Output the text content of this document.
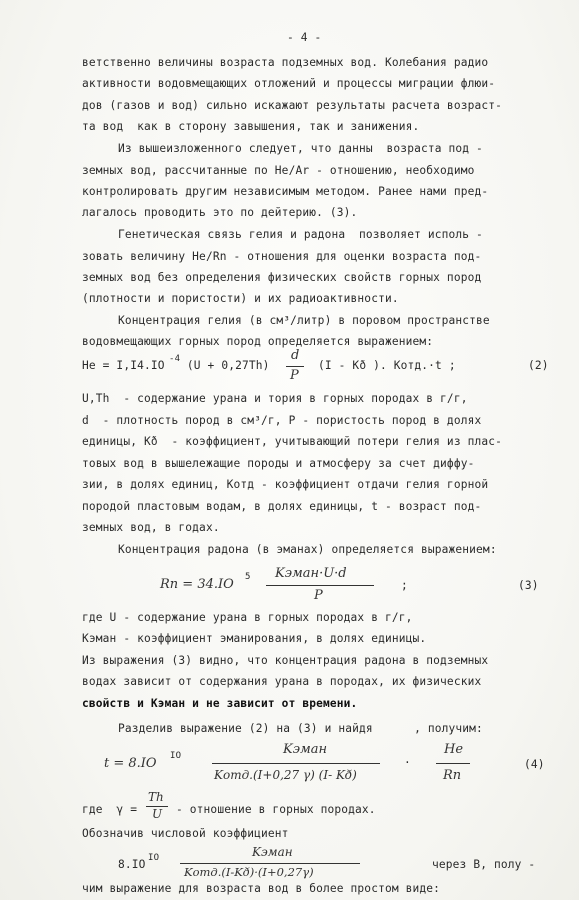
- 4 -
ветственно величины возраста подземных вод. Колебания радио
активности водовмещающих отложений и процессы миграции флюи-
дов (газов и вод) сильно искажают результаты расчета возраст-
та вод  как в сторону завышения, так и занижения.
Из вышеизложенного следует, что данны  возраста под -
земных вод, рассчитанные по He/Ar - отношению, необходимо
контролировать другим независимым методом. Ранее нами пред-
лагалось проводить это по дейтерию. (3).
Генетическая связь гелия и радона  позволяет исполь -
зовать величину He/Rn - отношения для оценки возраста под-
земных вод без определения физических свойств горных пород
(плотности и пористости) и их радиоактивности.
Концентрация гелия (в см³/литр) в поровом пространстве
водовмещающих горных пород определяется выражением:
He = I,I4.IO -4 (U + 0,27Th)
d
P
(I - Kð ). Kотд.·t ;	(2)
U,Th  - содержание урана и тория в горных породах в г/г,
d  - плотность пород в см³/г, P - пористость пород в долях
единицы, Kð  - коэффициент, учитывающий потери гелия из плас-
товых вод в вышележащие породы и атмосферу за счет диффу-
зии, в долях единиц, Kотд - коэффициент отдачи гелия горной
породой пластовым водам, в долях единицы, t - возраст под-
земных вод, в годах.
Концентрация радона (в эманах) определяется выражением:
Rn = 34.IO 5 Kэман·U·d
P
;	(3)
где U - содержание урана в горных породах в г/г,
Kэман - коэффициент эманирования, в долях единицы.
Из выражения (3) видно, что концентрация радона в подземных
водах зависит от содержания урана в породах, их физических
свойств и Kэман и не зависит от времени.
Разделив выражение (2) на (3) и найдя      , получим:
t = 8.IO IO	Kэман
Kотд.(I+0,27 γ) (I- Kð)
·
He
Rn
(4)
где  γ =
Th
U - отношение в горных породах.
Обозначив числовой коэффициент
8.IO IO	Kэман
Kотд.(I-Kð)·(I+0,27γ)
через B, полу -
чим выражение для возраста вод в более простом виде:
